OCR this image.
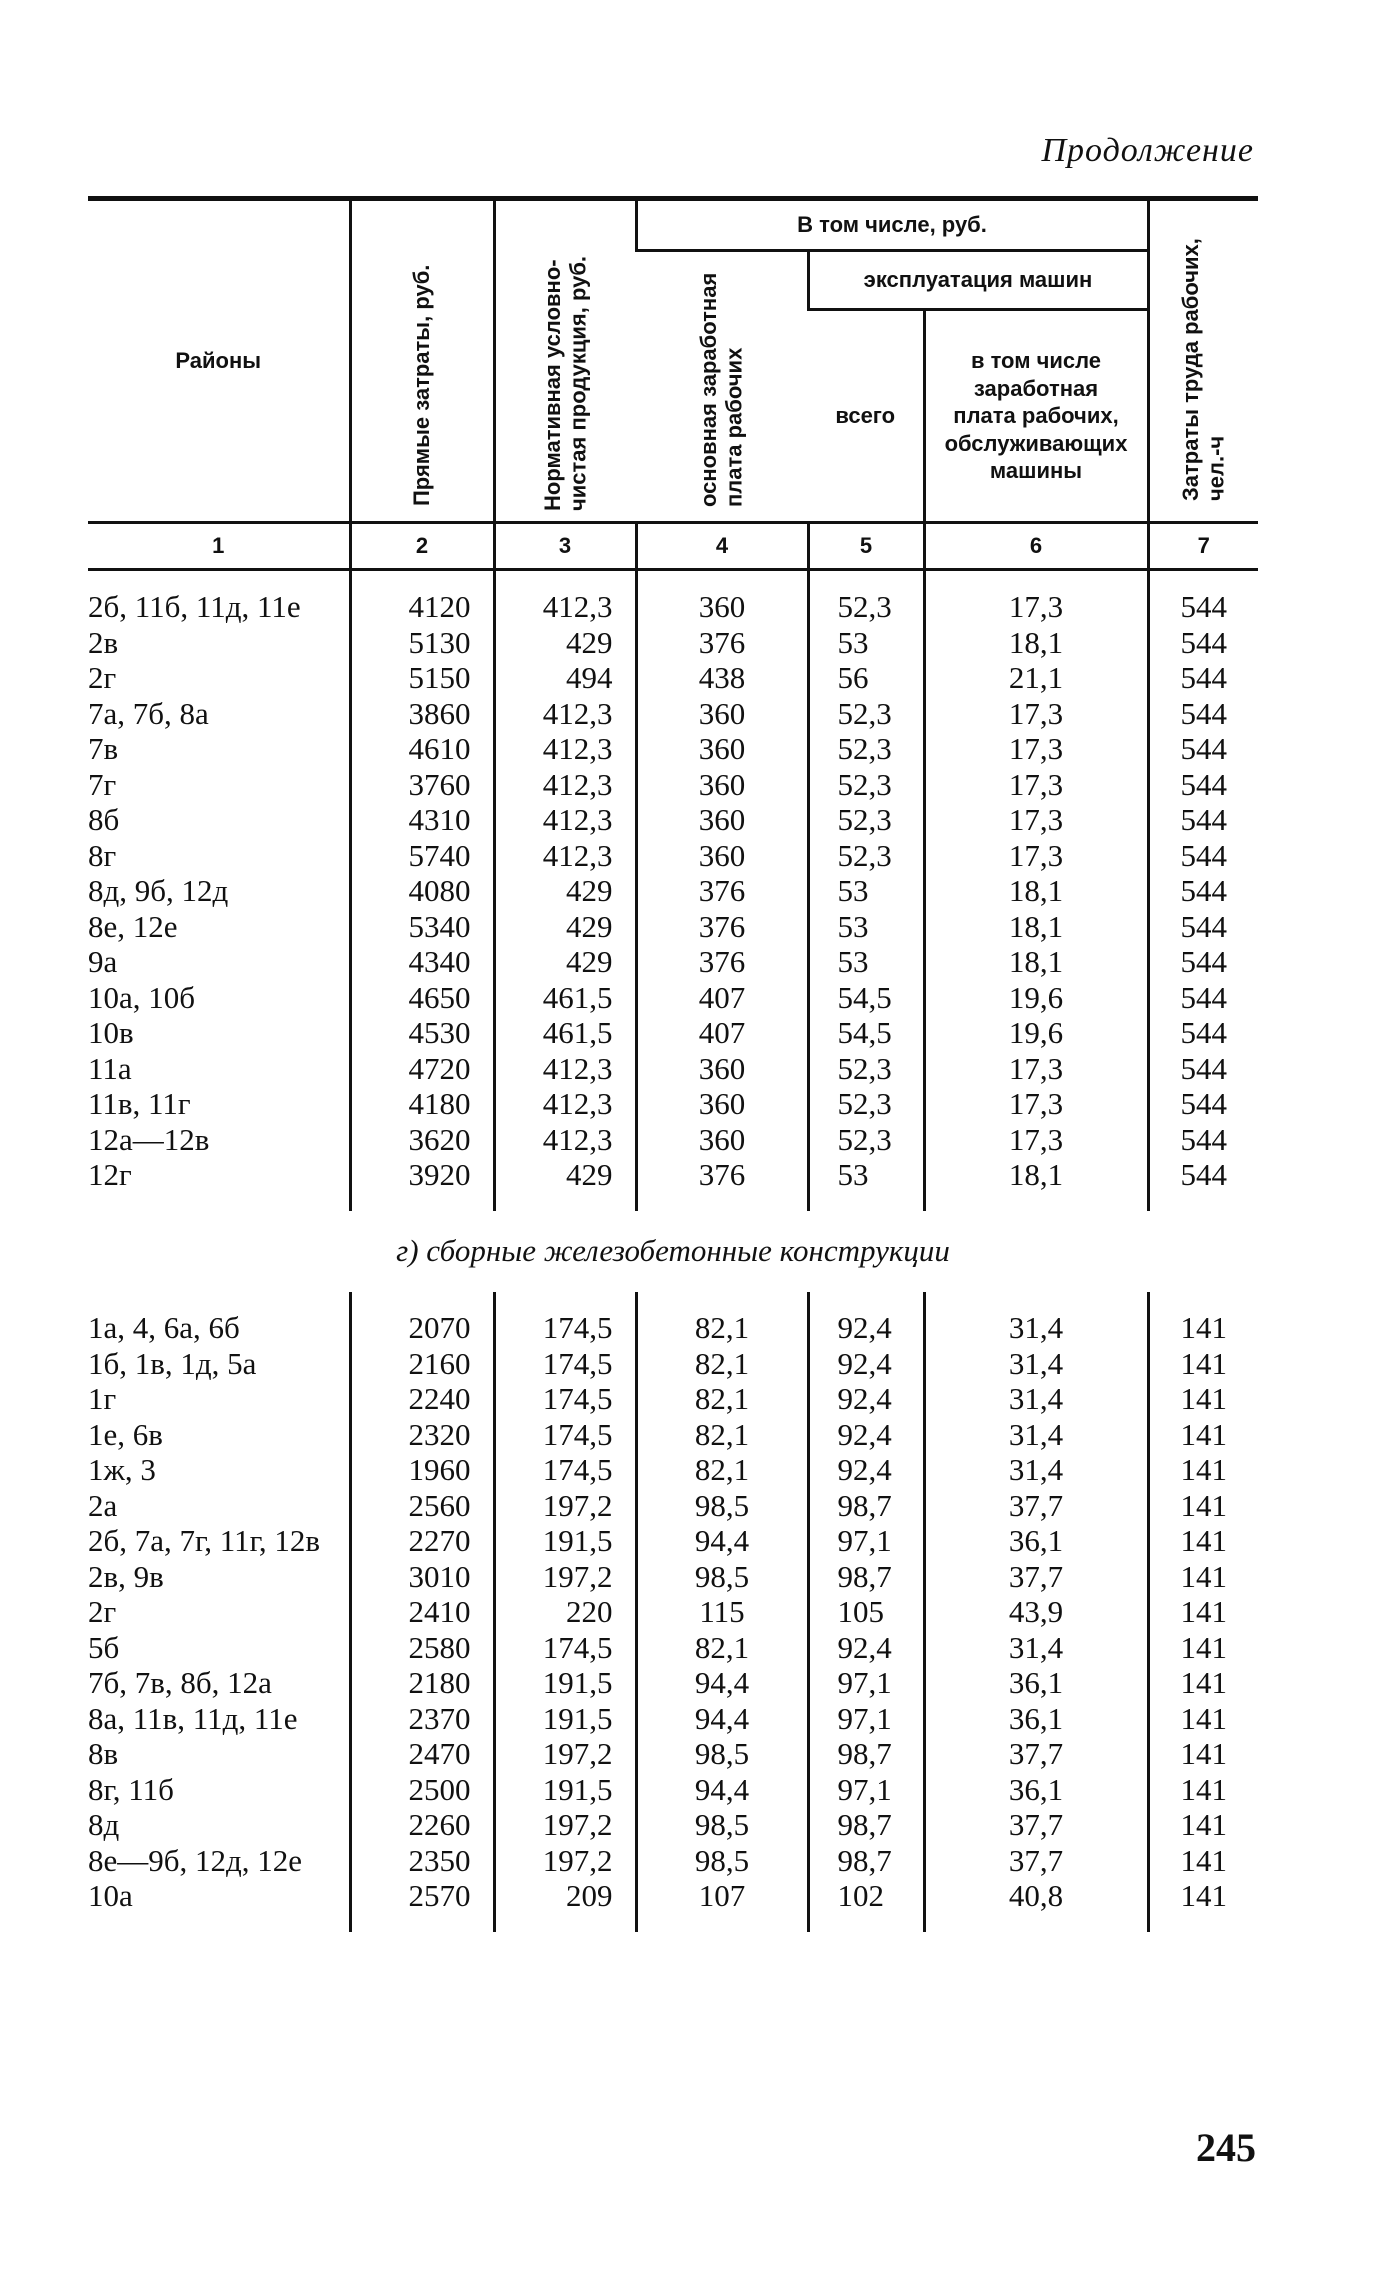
Продолжение
Районы	Прямые затраты, руб.	Нормативная условно-чистая продукция, руб.	В том числе, руб.			Затраты труда рабочих, чел.-ч

			основная заработная плата рабочих	эксплуатация машин		
				всего	в том числе заработная плата рабочих, обслуживающих машины	
1	2	3	4	5	6	7

2б, 11б, 11д, 11е	4120	412,3	360	52,3	17,3	544
2в	5130	429	376	53	18,1	544
2г	5150	494	438	56	21,1	544
7а, 7б, 8а	3860	412,3	360	52,3	17,3	544
7в	4610	412,3	360	52,3	17,3	544
7г	3760	412,3	360	52,3	17,3	544
8б	4310	412,3	360	52,3	17,3	544
8г	5740	412,3	360	52,3	17,3	544
8д, 9б, 12д	4080	429	376	53	18,1	544
8е, 12е	5340	429	376	53	18,1	544
9а	4340	429	376	53	18,1	544
10а, 10б	4650	461,5	407	54,5	19,6	544
10в	4530	461,5	407	54,5	19,6	544
11а	4720	412,3	360	52,3	17,3	544
11в, 11г	4180	412,3	360	52,3	17,3	544
12а—12в	3620	412,3	360	52,3	17,3	544
12г	3920	429	376	53	18,1	544

г) сборные железобетонные конструкции						

1а, 4, 6а, 6б	2070	174,5	82,1	92,4	31,4	141
1б, 1в, 1д, 5а	2160	174,5	82,1	92,4	31,4	141
1г	2240	174,5	82,1	92,4	31,4	141
1е, 6в	2320	174,5	82,1	92,4	31,4	141
1ж, 3	1960	174,5	82,1	92,4	31,4	141
2а	2560	197,2	98,5	98,7	37,7	141
2б, 7а, 7г, 11г, 12в	2270	191,5	94,4	97,1	36,1	141
2в, 9в	3010	197,2	98,5	98,7	37,7	141
2г	2410	220	115	105	43,9	141
5б	2580	174,5	82,1	92,4	31,4	141
7б, 7в, 8б, 12а	2180	191,5	94,4	97,1	36,1	141
8а, 11в, 11д, 11е	2370	191,5	94,4	97,1	36,1	141
8в	2470	197,2	98,5	98,7	37,7	141
8г, 11б	2500	191,5	94,4	97,1	36,1	141
8д	2260	197,2	98,5	98,7	37,7	141
8е—9б, 12д, 12е	2350	197,2	98,5	98,7	37,7	141
10а	2570	209	107	102	40,8	141

245
